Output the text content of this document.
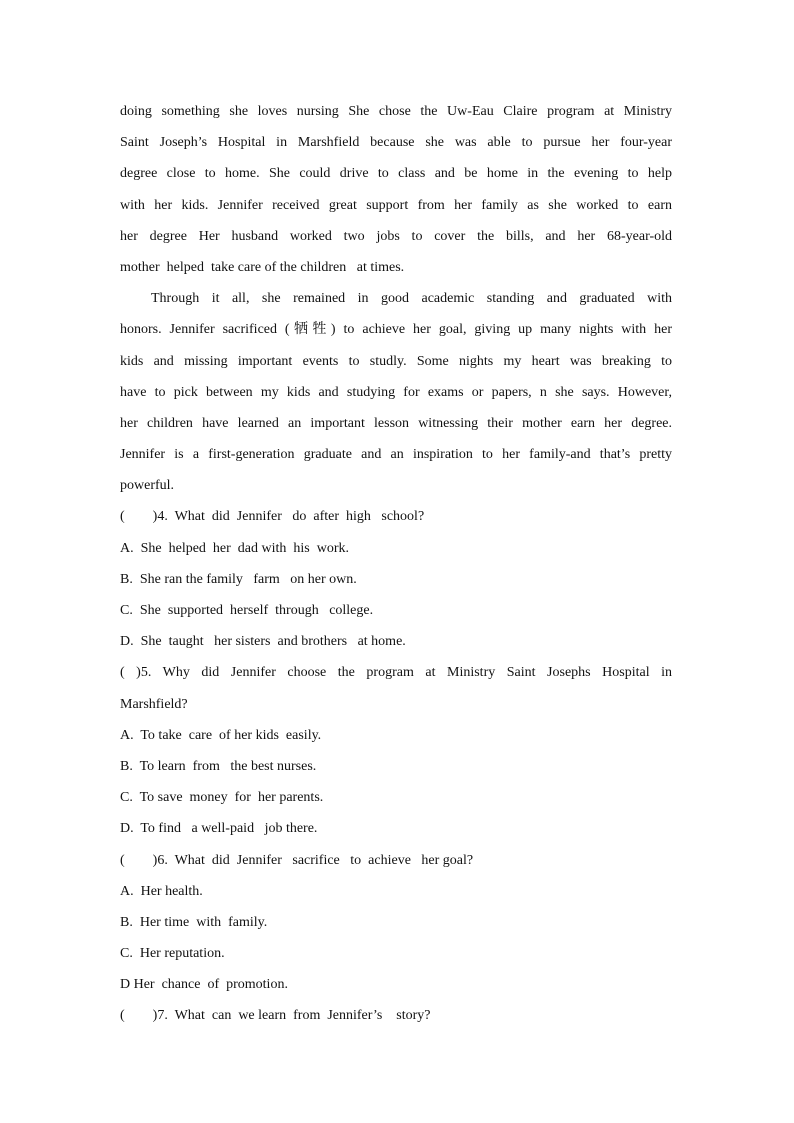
doing something she loves nursing She chose the Uw-Eau Claire program at Ministry
Saint Joseph’s Hospital in Marshfield because she was able to pursue her four-year
degree close to home. She could drive to class and be home in the evening to help
with her kids. Jennifer received great support from her family as she worked to earn
her degree Her husband worked two jobs to cover the bills, and her 68-year-old
mother  helped  take care of the children   at times.
Through it all, she remained in good academic standing and graduated with
honors. Jennifer sacrificed (牺牲) to achieve her goal, giving up many nights with her
kids and missing important events to studly. Some nights my heart was breaking to
have to pick between my kids and studying for exams or papers, n she says. However,
her children have learned an important lesson witnessing their mother earn her degree.
Jennifer is a first-generation graduate and an inspiration to her family-and that’s pretty
powerful.
(        )4.  What  did  Jennifer   do  after  high   school?
A.  She  helped  her  dad with  his  work.
B.  She ran the family   farm   on her own.
C.  She  supported  herself  through   college.
D.  She  taught   her sisters  and brothers   at home.
( )5. Why did Jennifer choose the program at Ministry Saint Josephs Hospital in
Marshfield?
A.  To take  care  of her kids  easily.
B.  To learn  from   the best nurses.
C.  To save  money  for  her parents.
D.  To find   a well-paid   job there.
(        )6.  What  did  Jennifer   sacrifice   to  achieve   her goal?
A.  Her health.
B.  Her time  with  family.
C.  Her reputation.
D Her  chance  of  promotion.
(        )7.  What  can  we learn  from  Jennifer’s    story?
